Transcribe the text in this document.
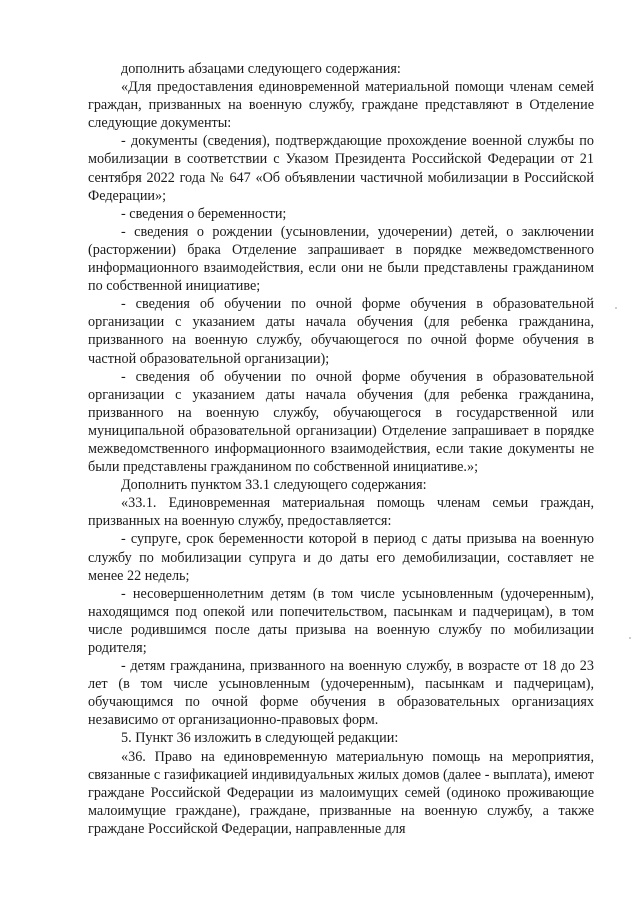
дополнить абзацами следующего содержания:

«Для предоставления единовременной материальной помощи членам семей граждан, призванных на военную службу, граждане представляют в Отделение следующие документы:

- документы (сведения), подтверждающие прохождение военной службы по мобилизации в соответствии с Указом Президента Российской Федерации от 21 сентября 2022 года № 647 «Об объявлении частичной мобилизации в Российской Федерации»;

- сведения о беременности;

- сведения о рождении (усыновлении, удочерении) детей, о заключении (расторжении) брака Отделение запрашивает в порядке межведомственного информационного взаимодействия, если они не были представлены гражданином по собственной инициативе;

- сведения об обучении по очной форме обучения в образовательной организации с указанием даты начала обучения (для ребенка гражданина, призванного на военную службу, обучающегося по очной форме обучения в частной образовательной организации);

- сведения об обучении по очной форме обучения в образовательной организации с указанием даты начала обучения (для ребенка гражданина, призванного на военную службу, обучающегося в государственной или муниципальной образовательной организации) Отделение запрашивает в порядке межведомственного информационного взаимодействия, если такие документы не были представлены гражданином по собственной инициативе.»;

Дополнить пунктом 33.1 следующего содержания:

«33.1. Единовременная материальная помощь членам семьи граждан, призванных на военную службу, предоставляется:

- супруге, срок беременности которой в период с даты призыва на военную службу по мобилизации супруга и до даты его демобилизации, составляет не менее 22 недель;

- несовершеннолетним детям (в том числе усыновленным (удочеренным), находящимся под опекой или попечительством, пасынкам и падчерицам), в том числе родившимся после даты призыва на военную службу по мобилизации родителя;

- детям гражданина, призванного на военную службу, в возрасте от 18 до 23 лет (в том числе усыновленным (удочеренным), пасынкам и падчерицам), обучающимся по очной форме обучения в образовательных организациях независимо от организационно-правовых форм.

5. Пункт 36 изложить в следующей редакции:

«36. Право на единовременную материальную помощь на мероприятия, связанные с газификацией индивидуальных жилых домов (далее - выплата), имеют граждане Российской Федерации из малоимущих семей (одиноко проживающие малоимущие граждане), граждане, призванные на военную службу, а также граждане Российской Федерации, направленные для
